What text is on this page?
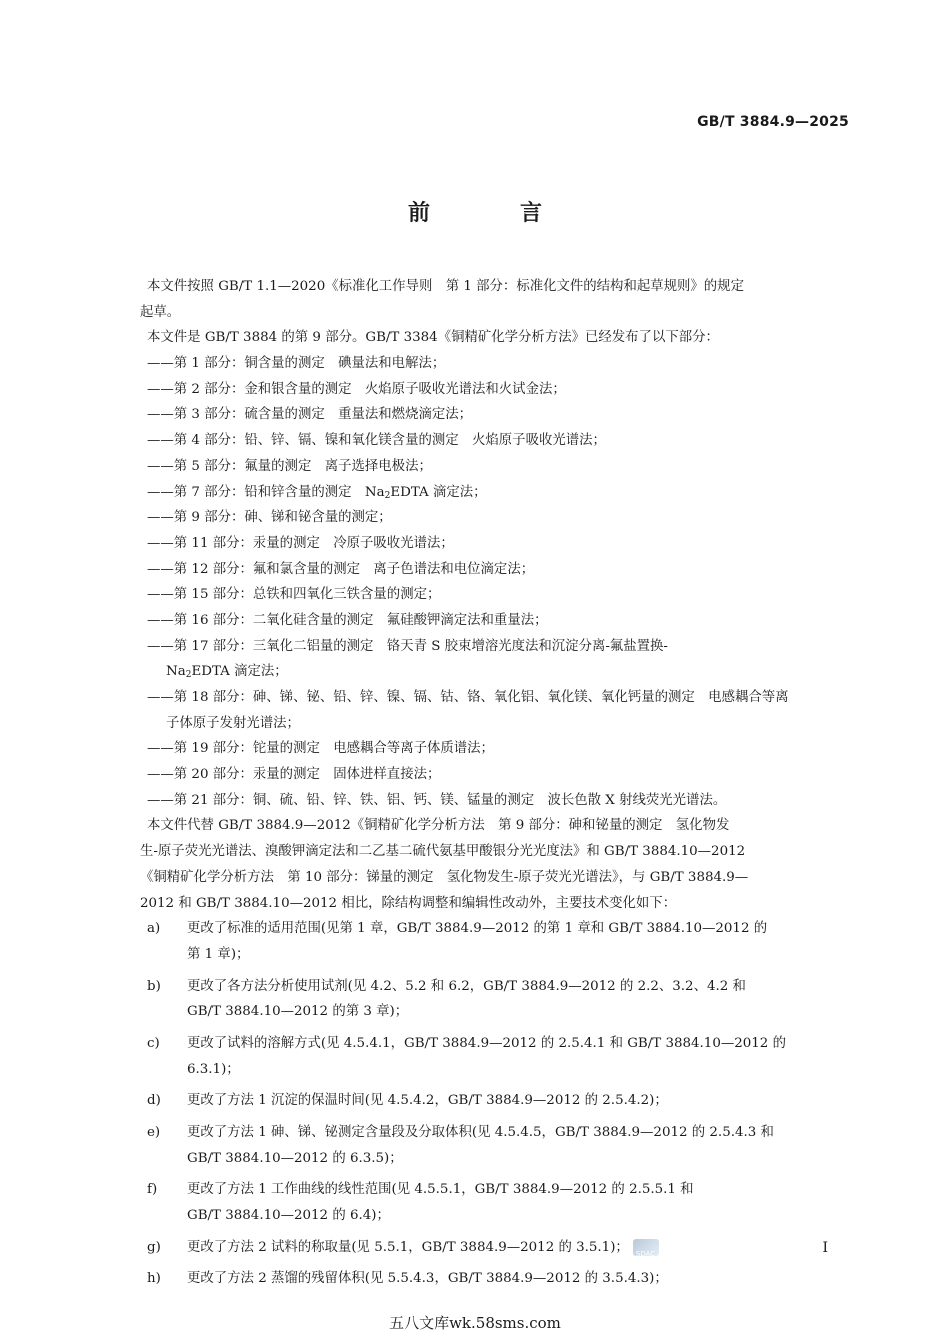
GB/T 3884.9—2025
前　言
本文件按照 GB/T 1.1—2020《标准化工作导则　第 1 部分：标准化文件的结构和起草规则》的规定
起草。
本文件是 GB/T 3884 的第 9 部分。GB/T 3384《铜精矿化学分析方法》已经发布了以下部分：
——第 1 部分：铜含量的测定　碘量法和电解法；
——第 2 部分：金和银含量的测定　火焰原子吸收光谱法和火试金法；
——第 3 部分：硫含量的测定　重量法和燃烧滴定法；
——第 4 部分：铅、锌、镉、镍和氧化镁含量的测定　火焰原子吸收光谱法；
——第 5 部分：氟量的测定　离子选择电极法；
——第 7 部分：铅和锌含量的测定　$Na_2EDTA$ 滴定法；
——第 9 部分：砷、锑和铋含量的测定；
——第 11 部分：汞量的测定　冷原子吸收光谱法；
——第 12 部分：氟和氯含量的测定　离子色谱法和电位滴定法；
——第 15 部分：总铁和四氧化三铁含量的测定；
——第 16 部分：二氧化硅含量的测定　氟硅酸钾滴定法和重量法；
——第 17 部分：三氧化二铝量的测定　铬天青 S 胶束增溶光度法和沉淀分离-氟盐置换-
$Na_2EDTA$ 滴定法；
——第 18 部分：砷、锑、铋、铅、锌、镍、镉、钴、铬、氧化铝、氧化镁、氧化钙量的测定　电感耦合等离
子体原子发射光谱法；
——第 19 部分：铊量的测定　电感耦合等离子体质谱法；
——第 20 部分：汞量的测定　固体进样直接法；
——第 21 部分：铜、硫、铅、锌、铁、铝、钙、镁、锰量的测定　波长色散 X 射线荧光光谱法。
本文件代替 GB/T 3884.9—2012《铜精矿化学分析方法　第 9 部分：砷和铋量的测定　氢化物发
生-原子荧光光谱法、溴酸钾滴定法和二乙基二硫代氨基甲酸银分光光度法》和 GB/T 3884.10—2012
《铜精矿化学分析方法　第 10 部分：锑量的测定　氢化物发生-原子荧光光谱法》，与 GB/T 3884.9—
2012 和 GB/T 3884.10—2012 相比，除结构调整和编辑性改动外，主要技术变化如下：
a)	更改了标准的适用范围(见第 1 章，GB/T 3884.9—2012 的第 1 章和 GB/T 3884.10—2012 的
第 1 章)；
b)	更改了各方法分析使用试剂(见 4.2、5.2 和 6.2，GB/T 3884.9—2012 的 2.2、3.2、4.2 和
GB/T 3884.10—2012 的第 3 章)；
c)	更改了试料的溶解方式(见 4.5.4.1，GB/T 3884.9—2012 的 2.5.4.1 和 GB/T 3884.10—2012 的
6.3.1)；
d)	更改了方法 1 沉淀的保温时间(见 4.5.4.2，GB/T 3884.9—2012 的 2.5.4.2)；
e)	更改了方法 1 砷、锑、铋测定含量段及分取体积(见 4.5.4.5，GB/T 3884.9—2012 的 2.5.4.3 和
GB/T 3884.10—2012 的 6.3.5)；
f)	更改了方法 1 工作曲线的线性范围(见 4.5.5.1，GB/T 3884.9—2012 的 2.5.5.1 和
GB/T 3884.10—2012 的 6.4)；
g)	更改了方法 2 试料的称取量(见 5.5.1，GB/T 3884.9—2012 的 3.5.1)； SDAC
h)	更改了方法 2 蒸馏的残留体积(见 5.5.4.3，GB/T 3884.9—2012 的 3.5.4.3)；
I
五八文库wk.58sms.com
